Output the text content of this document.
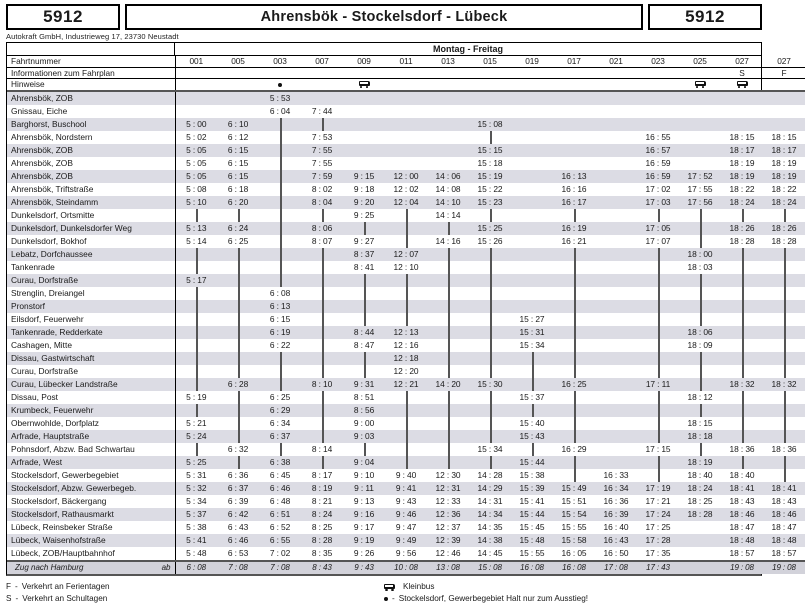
5912	Ahrensbök - Stockelsdorf - Lübeck	5912
Autokraft GmbH, Industrieweg 17, 23730 Neustadt
Montag - Freitag
Fahrtnummer	001	005	003	007	009	011	013	015	019	017	021	023	025	027	027
Informationen zum Fahrplan														S	F
Hinweise			

Ahrensbök, ZOB			5 : 53												
Gnissau, Eiche			6 : 04	7 : 44											
Barghorst, Buschool	5 : 00	6 : 10						15 : 08							
Ahrensbök, Nordstern	5 : 02	6 : 12		7 : 53								16 : 55		18 : 15	18 : 15
Ahrensbök, ZOB	5 : 05	6 : 15		7 : 55				15 : 15				16 : 57		18 : 17	18 : 17
Ahrensbök, ZOB	5 : 05	6 : 15		7 : 55				15 : 18				16 : 59		18 : 19	18 : 19
Ahrensbök, ZOB	5 : 05	6 : 15		7 : 59	9 : 15	12 : 00	14 : 06	15 : 19		16 : 13		16 : 59	17 : 52	18 : 19	18 : 19
Ahrensbök, Triftstraße	5 : 08	6 : 18		8 : 02	9 : 18	12 : 02	14 : 08	15 : 22		16 : 16		17 : 02	17 : 55	18 : 22	18 : 22
Ahrensbök, Steindamm	5 : 10	6 : 20		8 : 04	9 : 20	12 : 04	14 : 10	15 : 23		16 : 17		17 : 03	17 : 56	18 : 24	18 : 24
Dunkelsdorf, Ortsmitte					9 : 25		14 : 14								
Dunkelsdorf, Dunkelsdorfer Weg	5 : 13	6 : 24		8 : 06				15 : 25		16 : 19		17 : 05		18 : 26	18 : 26
Dunkelsdorf, Bokhof	5 : 14	6 : 25		8 : 07	9 : 27		14 : 16	15 : 26		16 : 21		17 : 07		18 : 28	18 : 28
Lebatz, Dorfchaussee					8 : 37	12 : 07							18 : 00		
Tankenrade					8 : 41	12 : 10							18 : 03		
Curau, Dorfstraße	5 : 17														
Strenglin, Dreiangel			6 : 08												
Pronstorf			6 : 13												
Eilsdorf, Feuerwehr			6 : 15						15 : 27						
Tankenrade, Redderkate			6 : 19		8 : 44	12 : 13			15 : 31				18 : 06		
Cashagen, Mitte			6 : 22		8 : 47	12 : 16			15 : 34				18 : 09		
Dissau, Gastwirtschaft						12 : 18									
Curau, Dorfstraße						12 : 20									
Curau, Lübecker Landstraße		6 : 28		8 : 10	9 : 31	12 : 21	14 : 20	15 : 30		16 : 25		17 : 11		18 : 32	18 : 32
Dissau, Post	5 : 19		6 : 25		8 : 51				15 : 37				18 : 12		
Krumbeck, Feuerwehr			6 : 29		8 : 56										
Obernwohlde, Dorfplatz	5 : 21		6 : 34		9 : 00				15 : 40				18 : 15		
Arfrade, Hauptstraße	5 : 24		6 : 37		9 : 03				15 : 43				18 : 18		
Pohnsdorf, Abzw. Bad Schwartau		6 : 32		8 : 14				15 : 34		16 : 29		17 : 15		18 : 36	18 : 36
Arfrade, West	5 : 25		6 : 38		9 : 04				15 : 44				18 : 19		
Stockelsdorf, Gewerbegebiet	5 : 31	6 : 36	6 : 45	8 : 17	9 : 10	9 : 40	12 : 30	14 : 28	15 : 38		16 : 33		18 : 40	18 : 40	
Stockelsdorf, Abzw. Gewerbegeb.	5 : 32	6 : 37	6 : 46	8 : 19	9 : 11	9 : 41	12 : 31	14 : 29	15 : 39	15 : 49	16 : 34	17 : 19	18 : 24	18 : 41	18 : 41
Stockelsdorf, Bäckergang	5 : 34	6 : 39	6 : 48	8 : 21	9 : 13	9 : 43	12 : 33	14 : 31	15 : 41	15 : 51	16 : 36	17 : 21	18 : 25	18 : 43	18 : 43
Stockelsdorf, Rathausmarkt	5 : 37	6 : 42	6 : 51	8 : 24	9 : 16	9 : 46	12 : 36	14 : 34	15 : 44	15 : 54	16 : 39	17 : 24	18 : 28	18 : 46	18 : 46
Lübeck, Reinsbeker Straße	5 : 38	6 : 43	6 : 52	8 : 25	9 : 17	9 : 47	12 : 37	14 : 35	15 : 45	15 : 55	16 : 40	17 : 25		18 : 47	18 : 47
Lübeck, Waisenhofstraße	5 : 41	6 : 46	6 : 55	8 : 28	9 : 19	9 : 49	12 : 39	14 : 38	15 : 48	15 : 58	16 : 43	17 : 28		18 : 48	18 : 48
Lübeck, ZOB/Hauptbahnhof	5 : 48	6 : 53	7 : 02	8 : 35	9 : 26	9 : 56	12 : 46	14 : 45	15 : 55	16 : 05	16 : 50	17 : 35		18 : 57	18 : 57
Zug nach Hamburg ab	6 : 08	7 : 08	7 : 08	8 : 43	9 : 43	10 : 08	13 : 08	15 : 08	16 : 08	16 : 08	17 : 08	17 : 43		19 : 08	19 : 08
F - Verkehrt an Ferientagen
S - Verkehrt an Schultagen
Kleinbus
- Stockelsdorf, Gewerbegebiet Halt nur zum Ausstieg!
